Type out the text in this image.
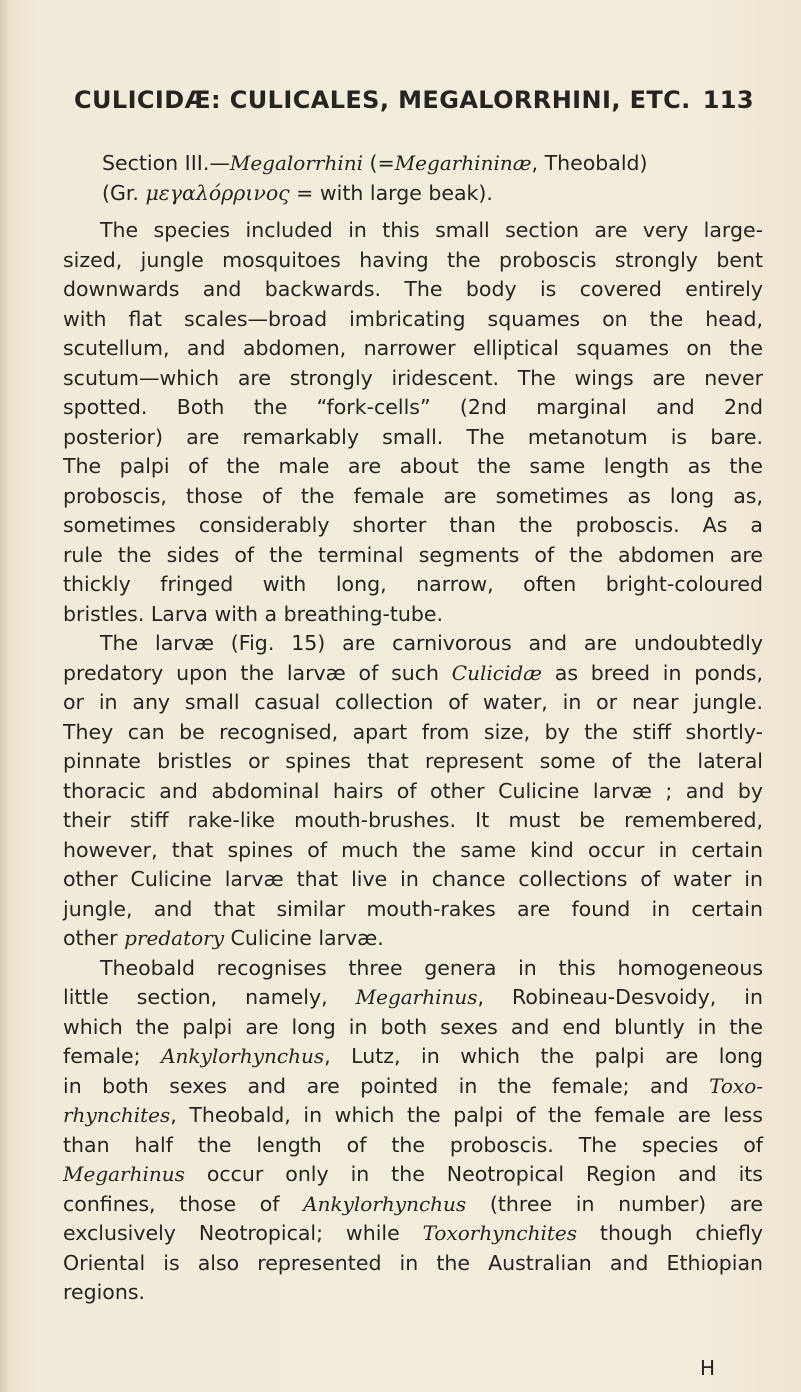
CULICIDÆ: CULICALES, MEGALORRHINI, ETC. 113
Section III.—Megalorrhini (=Megarhininæ, Theobald)
(Gr. μεγαλόρρινος = with large beak).
The species included in this small section are very large-
sized, jungle mosquitoes having the proboscis strongly bent
downwards and backwards. The body is covered entirely
with flat scales—broad imbricating squames on the head,
scutellum, and abdomen, narrower elliptical squames on the
scutum—which are strongly iridescent. The wings are never
spotted. Both the “fork-cells” (2nd marginal and 2nd
posterior) are remarkably small. The metanotum is bare.
The palpi of the male are about the same length as the
proboscis, those of the female are sometimes as long as,
sometimes considerably shorter than the proboscis. As a
rule the sides of the terminal segments of the abdomen are
thickly fringed with long, narrow, often bright-coloured
bristles. Larva with a breathing-tube.
The larvæ (Fig. 15) are carnivorous and are undoubtedly
predatory upon the larvæ of such Culicidæ as breed in ponds,
or in any small casual collection of water, in or near jungle.
They can be recognised, apart from size, by the stiff shortly-
pinnate bristles or spines that represent some of the lateral
thoracic and abdominal hairs of other Culicine larvæ ; and by
their stiff rake-like mouth-brushes. It must be remembered,
however, that spines of much the same kind occur in certain
other Culicine larvæ that live in chance collections of water in
jungle, and that similar mouth-rakes are found in certain
other predatory Culicine larvæ.
Theobald recognises three genera in this homogeneous
little section, namely, Megarhinus, Robineau-Desvoidy, in
which the palpi are long in both sexes and end bluntly in the
female; Ankylorhynchus, Lutz, in which the palpi are long
in both sexes and are pointed in the female; and Toxo-
rhynchites, Theobald, in which the palpi of the female are less
than half the length of the proboscis. The species of
Megarhinus occur only in the Neotropical Region and its
confines, those of Ankylorhynchus (three in number) are
exclusively Neotropical; while Toxorhynchites though chiefly
Oriental is also represented in the Australian and Ethiopian
regions.
H
